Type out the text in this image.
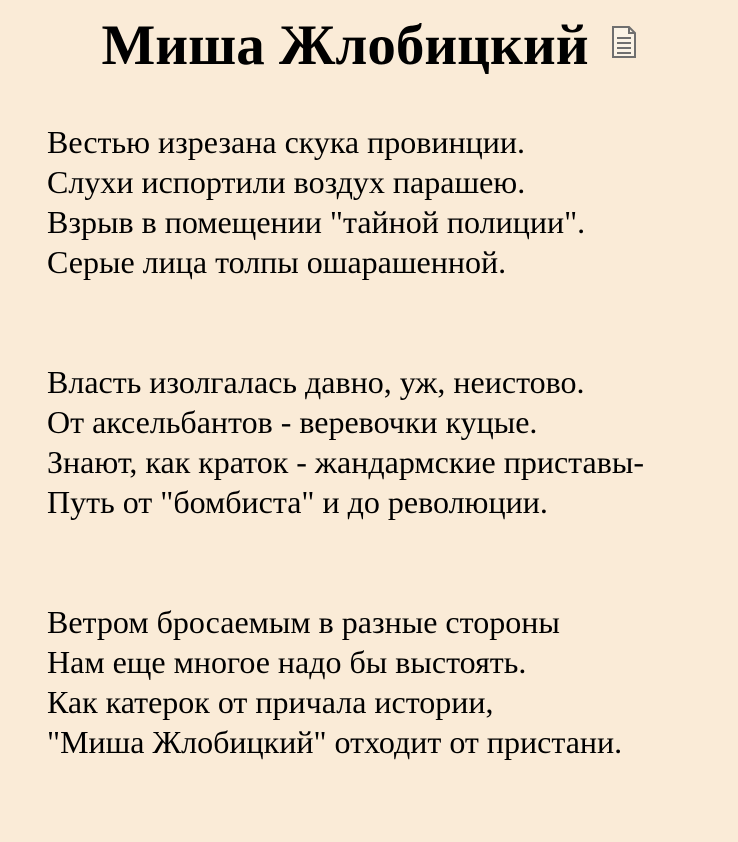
Миша Жлобицкий
Вестью изрезана скука провинции.
Слухи испортили воздух парашею.
Взрыв в помещении "тайной полиции".
Серые лица толпы ошарашенной.
Власть изолгалась давно, уж, неистово.
От аксельбантов - веревочки куцые.
Знают, как краток - жандармские приставы-
Путь от "бомбиста" и до революции.
Ветром бросаемым в разные стороны
Нам еще многое надо бы выстоять.
Как катерок от причала истории,
"Миша Жлобицкий" отходит от пристани.
